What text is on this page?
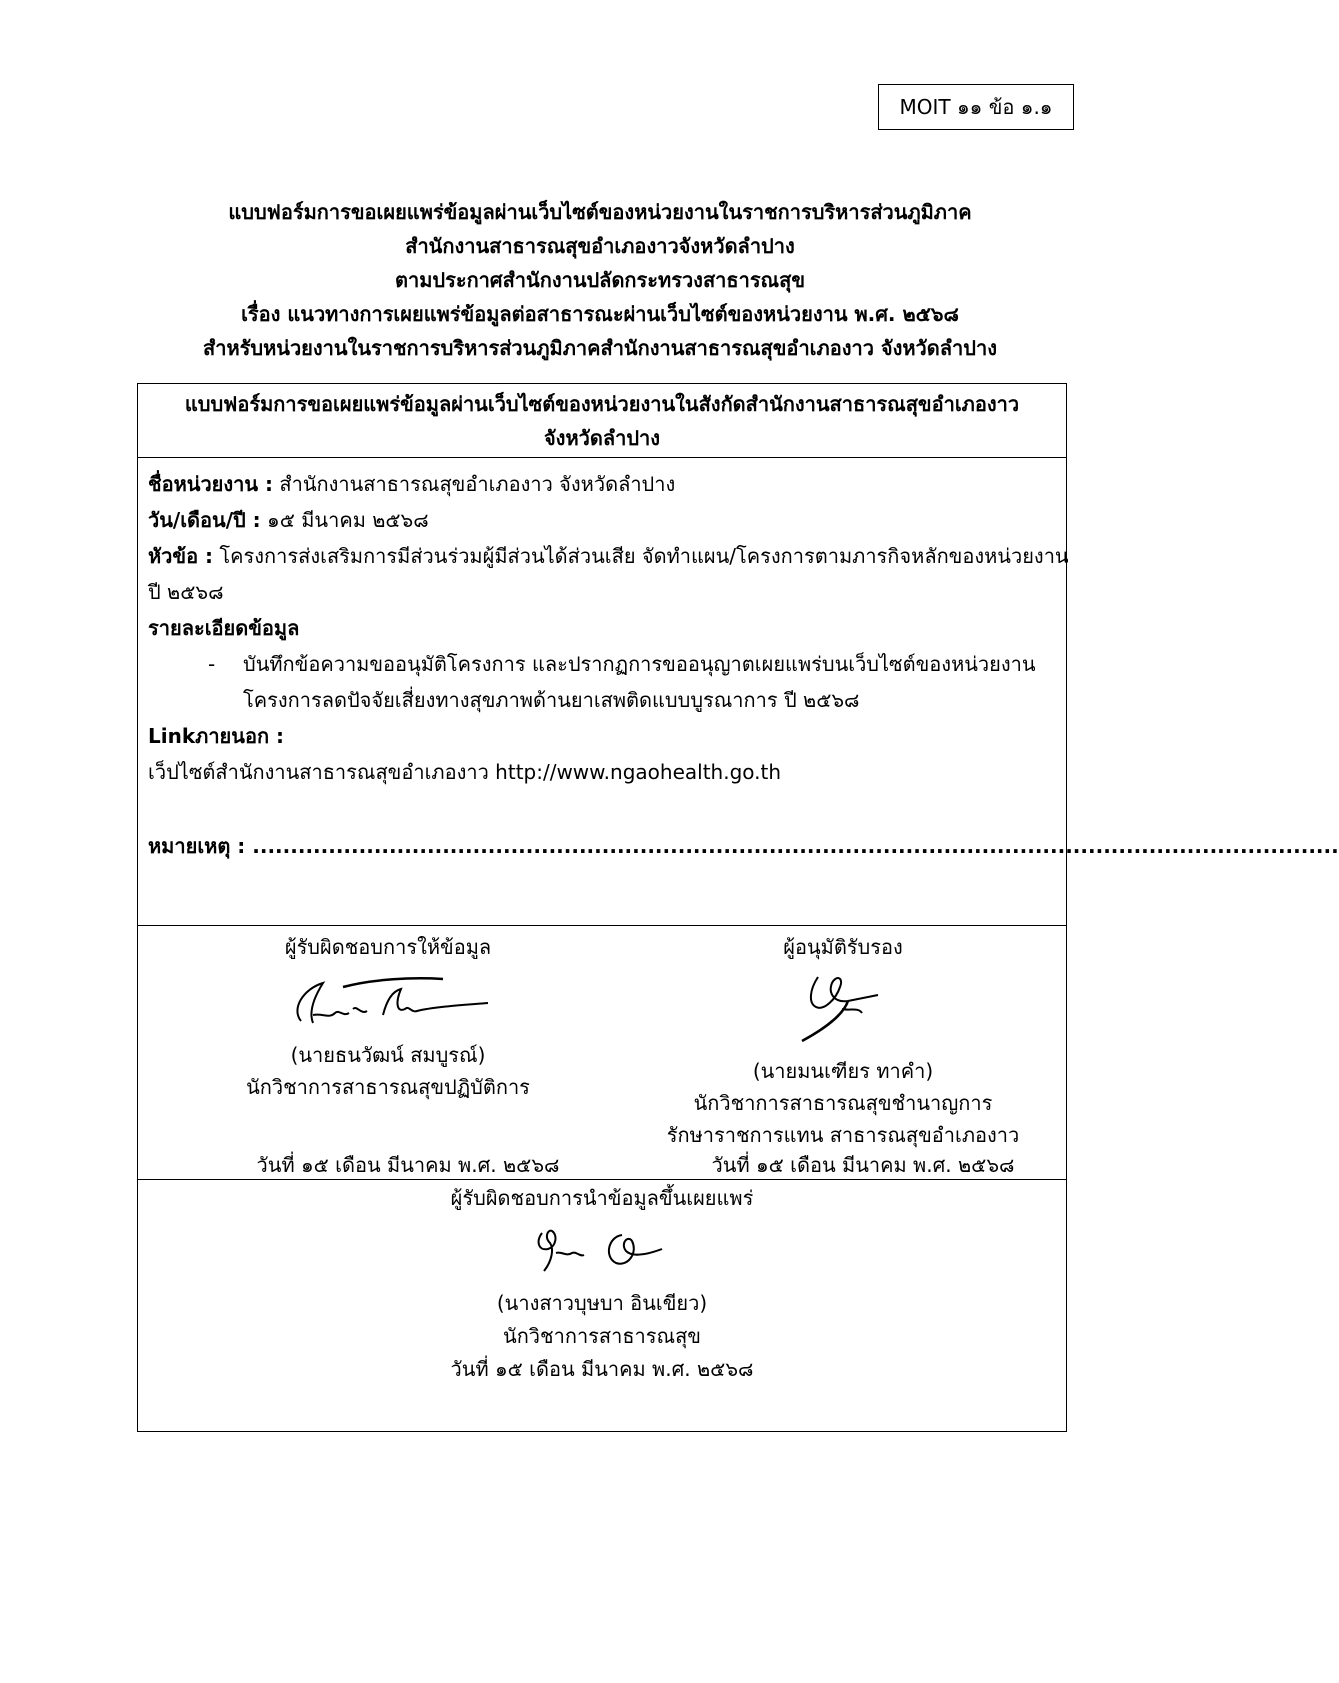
MOIT ๑๑ ข้อ ๑.๑
แบบฟอร์มการขอเผยแพร่ข้อมูลผ่านเว็บไซต์ของหน่วยงานในราชการบริหารส่วนภูมิภาค
สำนักงานสาธารณสุขอำเภองาวจังหวัดลำปาง
ตามประกาศสำนักงานปลัดกระทรวงสาธารณสุข
เรื่อง แนวทางการเผยแพร่ข้อมูลต่อสาธารณะผ่านเว็บไซต์ของหน่วยงาน พ.ศ. ๒๕๖๘
สำหรับหน่วยงานในราชการบริหารส่วนภูมิภาคสำนักงานสาธารณสุขอำเภองาว จังหวัดลำปาง
แบบฟอร์มการขอเผยแพร่ข้อมูลผ่านเว็บไซต์ของหน่วยงานในสังกัดสำนักงานสาธารณสุขอำเภองาว
จังหวัดลำปาง
ชื่อหน่วยงาน : สำนักงานสาธารณสุขอำเภองาว จังหวัดลำปาง
วัน/เดือน/ปี : ๑๕ มีนาคม ๒๕๖๘
หัวข้อ : โครงการส่งเสริมการมีส่วนร่วมผู้มีส่วนได้ส่วนเสีย จัดทำแผน/โครงการตามภารกิจหลักของหน่วยงาน
ปี ๒๕๖๘
รายละเอียดข้อมูล
- บันทึกข้อความขออนุมัติโครงการ และปรากฏการขออนุญาตเผยแพร่บนเว็บไซต์ของหน่วยงาน
โครงการลดปัจจัยเสี่ยงทางสุขภาพด้านยาเสพติดแบบบูรณาการ ปี ๒๕๖๘
Linkภายนอก :
เว็ปไซต์สำนักงานสาธารณสุขอำเภองาว http://www.ngaohealth.go.th
หมายเหตุ : ...............................................................................................................................................
ผู้รับผิดชอบการให้ข้อมูล
(นายธนวัฒน์ สมบูรณ์)
นักวิชาการสาธารณสุขปฏิบัติการ
ผู้อนุมัติรับรอง
(นายมนเฑียร ทาคำ)
นักวิชาการสาธารณสุขชำนาญการ
รักษาราชการแทน สาธารณสุขอำเภองาว
วันที่ ๑๕ เดือน มีนาคม พ.ศ. ๒๕๖๘	วันที่ ๑๕ เดือน มีนาคม พ.ศ. ๒๕๖๘
ผู้รับผิดชอบการนำข้อมูลขึ้นเผยแพร่
(นางสาวบุษบา อินเขียว)
นักวิชาการสาธารณสุข
วันที่ ๑๕ เดือน มีนาคม พ.ศ. ๒๕๖๘
